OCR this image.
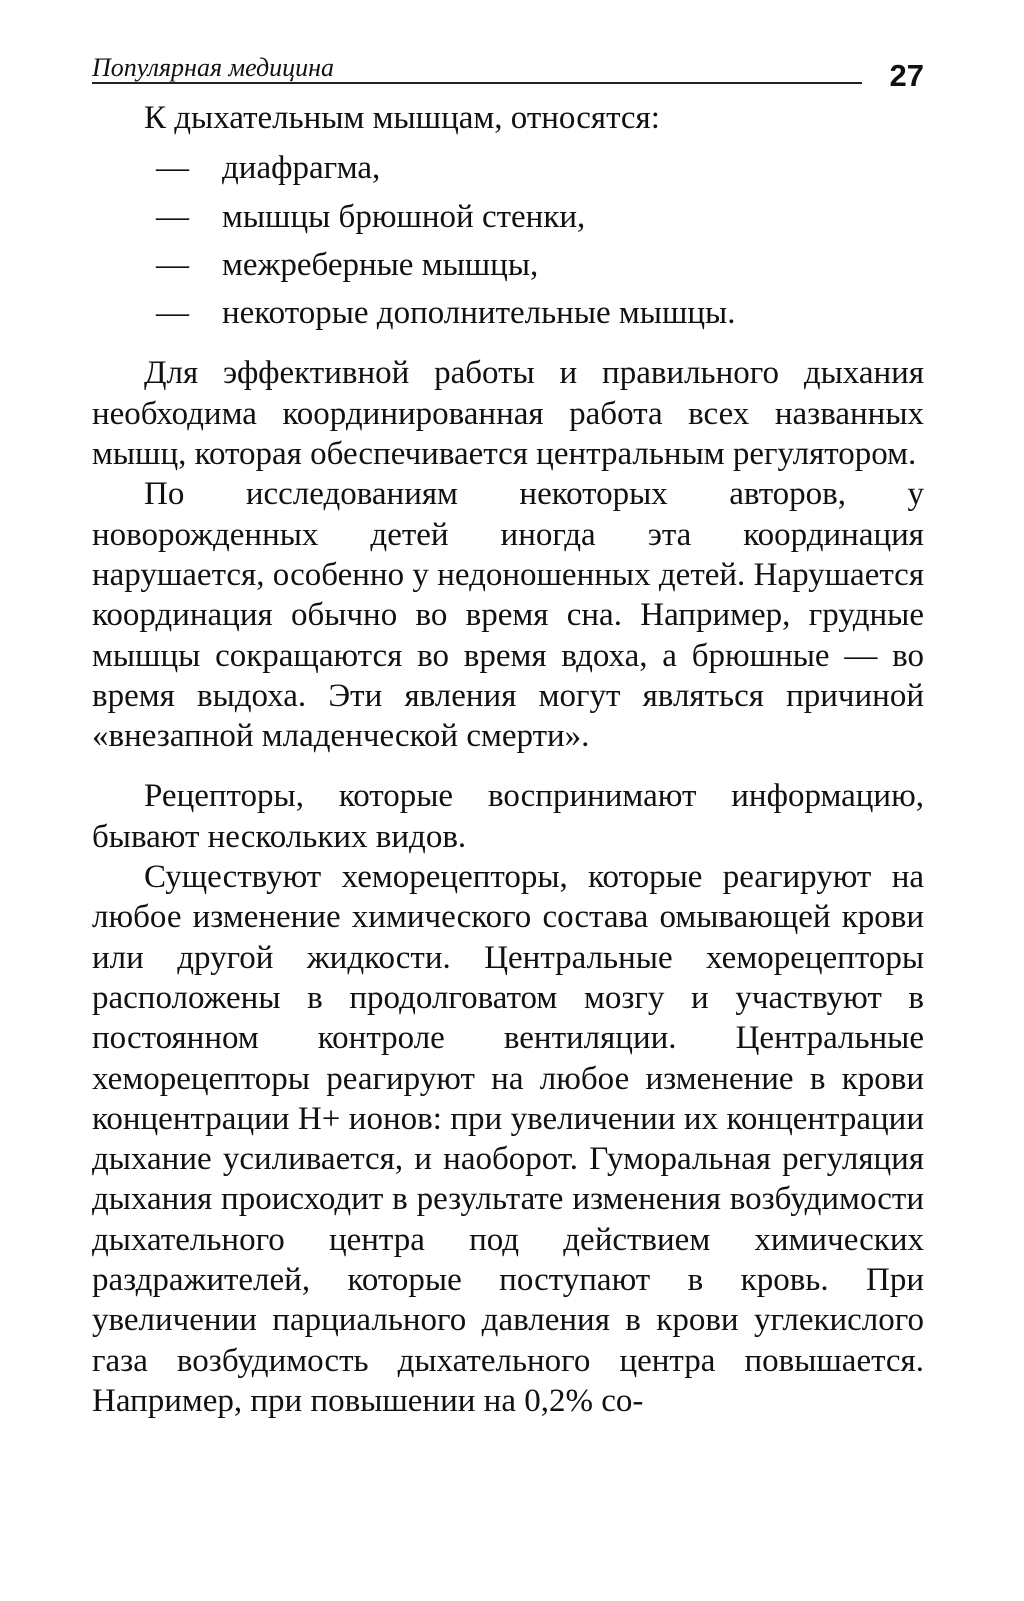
Популярная медицина	27

К дыхательным мышцам, относятся:

— диафрагма,
— мышцы брюшной стенки,
— межреберные мышцы,
— некоторые дополнительные мышцы.

Для эффективной работы и правильного дыхания необходима координированная работа всех названных мышц, которая обеспечивается центральным регулятором.

По исследованиям некоторых авторов, у новорожденных детей иногда эта координация нарушается, особенно у недоношенных детей. Нарушается координация обычно во время сна. Например, грудные мышцы сокращаются во время вдоха, а брюшные — во время выдоха. Эти явления могут являться причиной «внезапной младенческой смерти».

Рецепторы, которые воспринимают информацию, бывают нескольких видов.

Существуют хеморецепторы, которые реагируют на любое изменение химического состава омывающей крови или другой жидкости. Центральные хеморецепторы расположены в продолговатом мозгу и участвуют в постоянном контроле вентиляции. Центральные хеморецепторы реагируют на любое изменение в крови концентрации Н+ ионов: при увеличении их концентрации дыхание усиливается, и наоборот. Гуморальная регуляция дыхания происходит в результате изменения возбудимости дыхательного центра под действием химических раздражителей, которые поступают в кровь. При увеличении парциального давления в крови углекислого газа возбудимость дыхательного центра повышается. Например, при повышении на 0,2% со-
